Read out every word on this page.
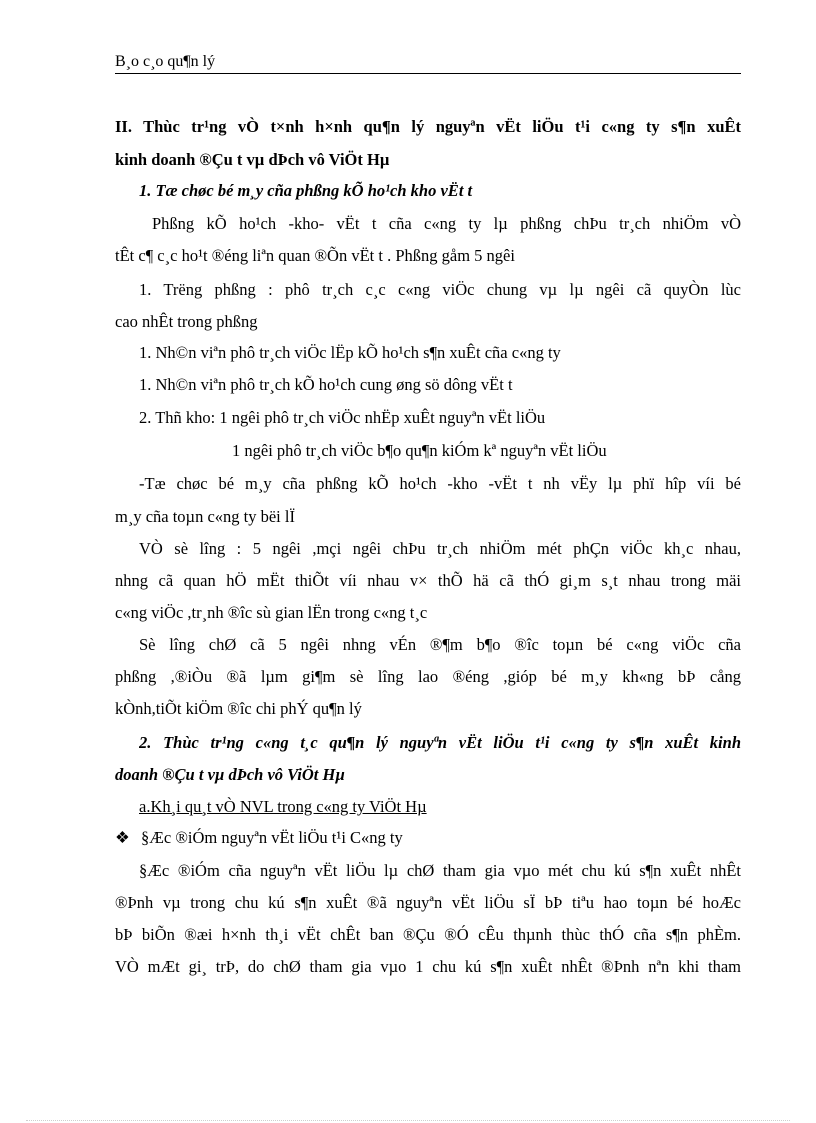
B¸o c¸o qu¶n lý
II. Thùc tr¹ng vÒ t×nh h×nh qu¶n lý nguyªn vËt liÖu t¹i c«ng ty s¶n xuÊt
kinh doanh ®Çu t vµ dÞch vô ViÖt Hµ
1. Tæ chøc bé m¸y cña phßng kÕ ho¹ch kho vËt t
Phßng kÕ ho¹ch -kho- vËt t cña c«ng ty lµ phßng chÞu tr¸ch nhiÖm vÒ
tÊt c¶ c¸c ho¹t ®éng liªn quan ®Õn vËt t . Phßng gåm 5 ngêi
1. Trëng phßng : phô tr¸ch c¸c c«ng viÖc chung vµ lµ ngêi cã quyÒn lùc
cao nhÊt trong phßng
1. Nh©n viªn phô tr¸ch viÖc lËp kÕ ho¹ch s¶n xuÊt cña c«ng ty
1. Nh©n viªn phô tr¸ch kÕ ho¹ch cung øng sö dông vËt t
2. Thñ kho: 1 ngêi phô tr¸ch viÖc nhËp xuÊt nguyªn vËt liÖu
1 ngêi phô tr¸ch viÖc b¶o qu¶n kiÓm kª nguyªn vËt liÖu
-Tæ chøc bé m¸y cña phßng kÕ ho¹ch -kho -vËt t nh vËy lµ phï hîp víi bé
m¸y cña toµn c«ng ty bëi lÏ
VÒ sè lîng : 5 ngêi ,mçi ngêi chÞu tr¸ch nhiÖm mét phÇn viÖc kh¸c nhau,
nhng cã quan hÖ mËt thiÕt víi nhau v× thÕ hä cã thÓ gi¸m s¸t nhau trong mäi
c«ng viÖc ,tr¸nh ®îc sù gian lËn trong c«ng t¸c
Sè lîng chØ cã 5 ngêi nhng vÉn ®¶m b¶o ®îc toµn bé c«ng viÖc cña
phßng ,®iÒu ®ã lµm gi¶m sè lîng lao ®éng ,gióp bé m¸y kh«ng bÞ cång
kÒnh,tiÕt kiÖm ®îc chi phÝ qu¶n lý
2. Thùc tr¹ng c«ng t¸c qu¶n lý nguyªn vËt liÖu t¹i c«ng ty s¶n xuÊt kinh
doanh ®Çu t vµ dÞch vô ViÖt Hµ
a.Kh¸i qu¸t vÒ NVL trong c«ng ty ViÖt Hµ
❖ §Æc ®iÓm nguyªn vËt liÖu t¹i C«ng ty
§Æc ®iÓm cña nguyªn vËt liÖu lµ chØ tham gia vµo mét chu kú s¶n xuÊt nhÊt
®Þnh vµ trong chu kú s¶n xuÊt ®ã nguyªn vËt liÖu sÏ bÞ tiªu hao toµn bé hoÆc
bÞ biÕn ®æi h×nh th¸i vËt chÊt ban ®Çu ®Ó cÊu thµnh thùc thÓ cña s¶n phÈm.
VÒ mÆt gi¸ trÞ, do chØ tham gia vµo 1 chu kú s¶n xuÊt nhÊt ®Þnh nªn khi tham
